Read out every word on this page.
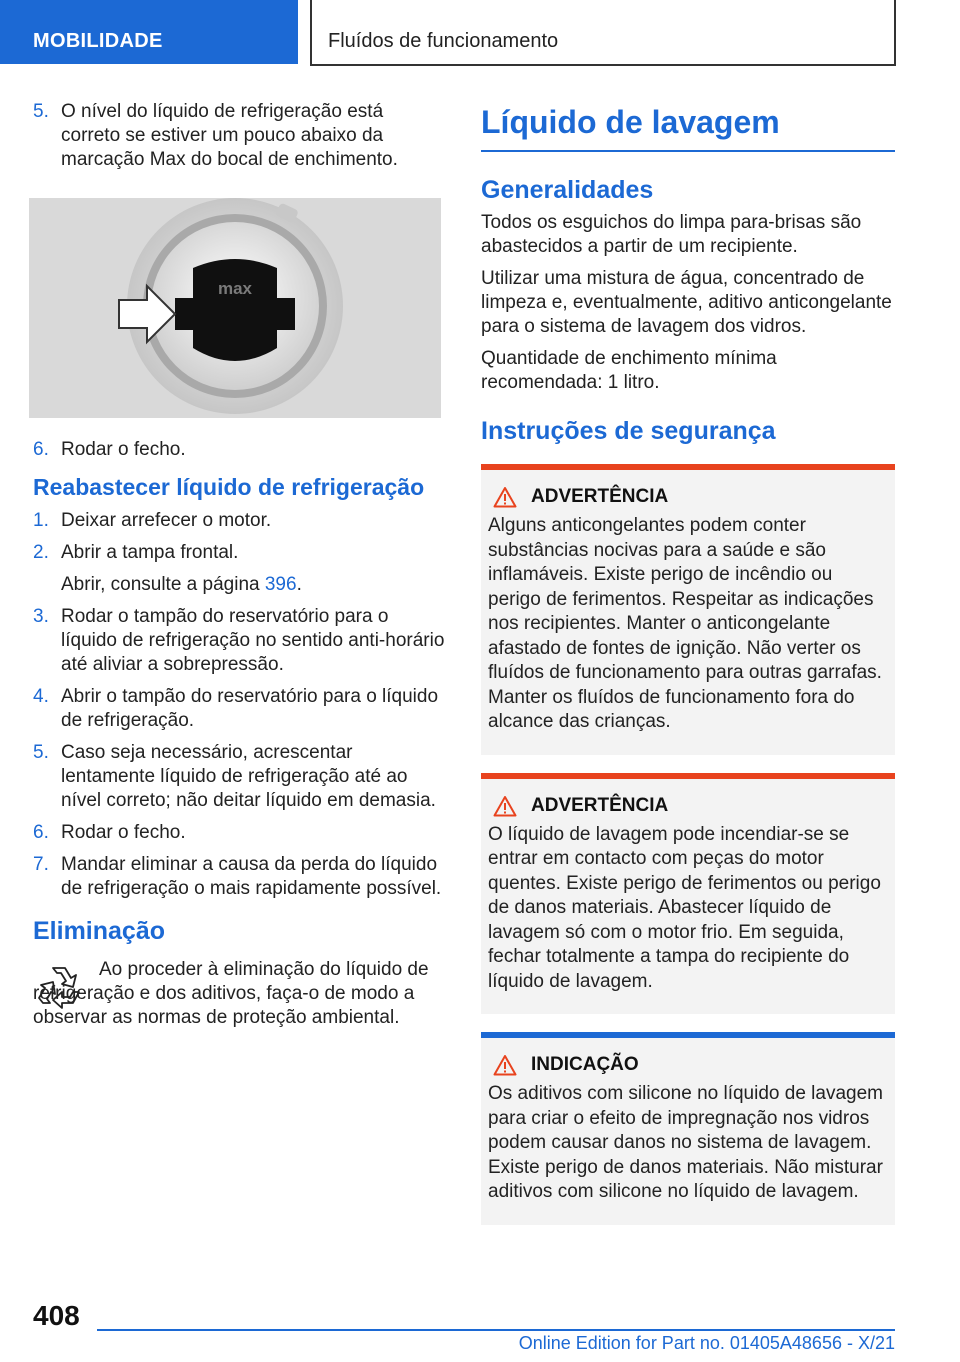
MOBILIDADE	Fluídos de funcionamento
5. O nível do líquido de refrigeração está correto se estiver um pouco abaixo da marcação Max do bocal de enchimento.
max
6. Rodar o fecho.
Reabastecer líquido de refrigeração
1. Deixar arrefecer o motor.
2. Abrir a tampa frontal.
Abrir, consulte a página 396.
3. Rodar o tampão do reservatório para o líquido de refrigeração no sentido anti-horário até aliviar a sobrepressão.
4. Abrir o tampão do reservatório para o líquido de refrigeração.
5. Caso seja necessário, acrescentar lentamente líquido de refrigeração até ao nível correto; não deitar líquido em demasia.
6. Rodar o fecho.
7. Mandar eliminar a causa da perda do líquido de refrigeração o mais rapidamente possível.
Eliminação

Ao proceder à eliminação do líquido de refrigeração e dos aditivos, faça-o de modo a observar as normas de proteção ambiental.

Líquido de lavagem
Generalidades

Todos os esguichos do limpa para-brisas são abastecidos a partir de um recipiente.

Utilizar uma mistura de água, concentrado de limpeza e, eventualmente, aditivo anticongelante para o sistema de lavagem dos vidros.

Quantidade de enchimento mínima recomendada: 1 litro.

Instruções de segurança
ADVERTÊNCIA

Alguns anticongelantes podem conter substâncias nocivas para a saúde e são inflamáveis. Existe perigo de incêndio ou perigo de ferimentos. Respeitar as indicações nos recipientes. Manter o anticongelante afastado de fontes de ignição. Não verter os fluídos de funcionamento para outras garrafas. Manter os fluídos de funcionamento fora do alcance das crianças.

ADVERTÊNCIA

O líquido de lavagem pode incendiar-se se entrar em contacto com peças do motor quentes. Existe perigo de ferimentos ou perigo de danos materiais. Abastecer líquido de lavagem só com o motor frio. Em seguida, fechar totalmente a tampa do recipiente do líquido de lavagem.

INDICAÇÃO

Os aditivos com silicone no líquido de lavagem para criar o efeito de impregnação nos vidros podem causar danos no sistema de lavagem. Existe perigo de danos materiais. Não misturar aditivos com silicone no líquido de lavagem.

408
Online Edition for Part no. 01405A48656 - X/21
